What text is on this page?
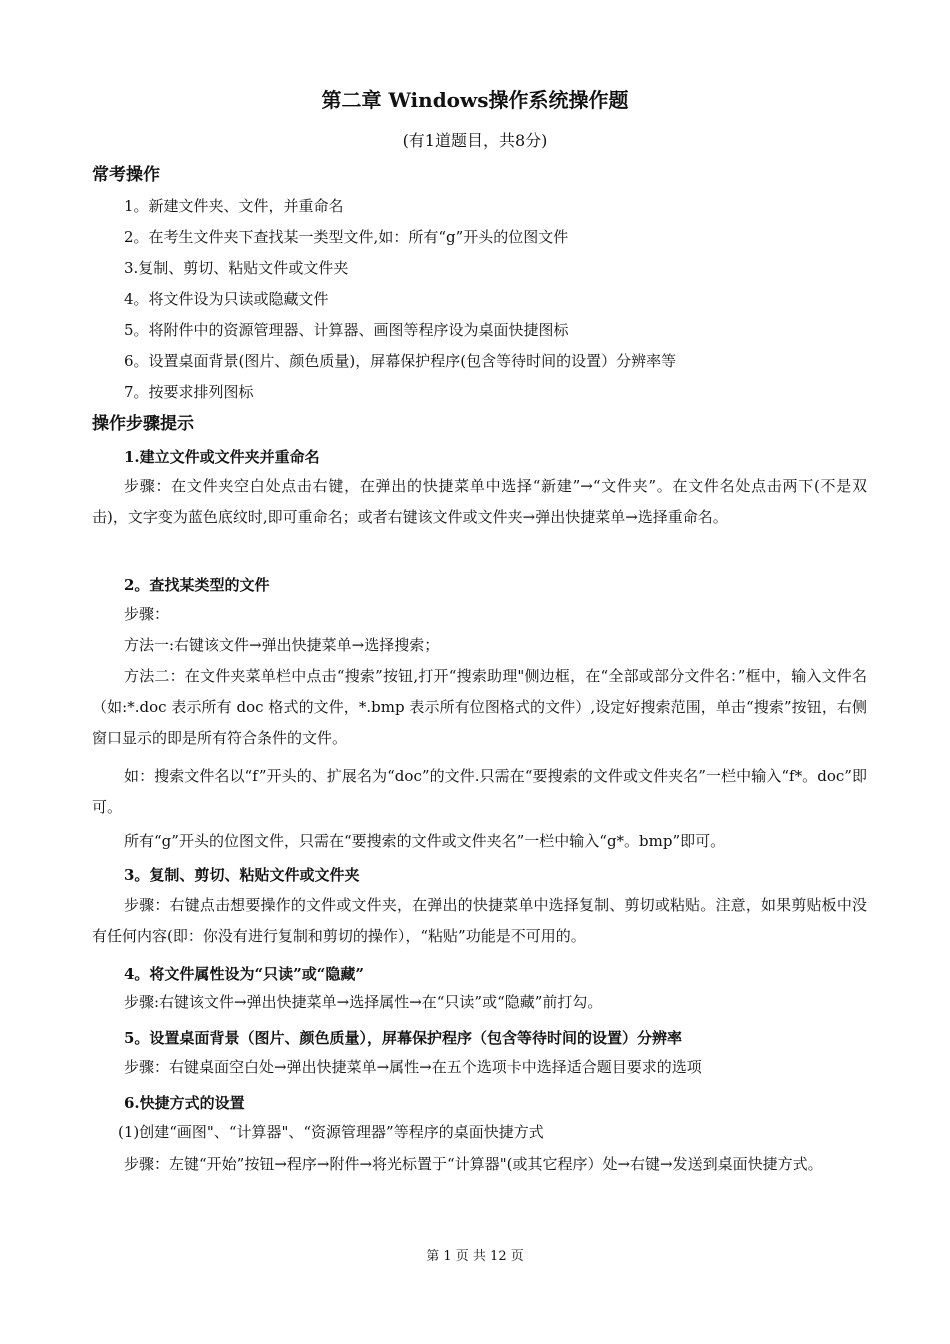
第二章 Windows操作系统操作题
(有1道题目，共8分)
常考操作
1。新建文件夹、文件，并重命名
2。在考生文件夹下查找某一类型文件,如：所有“g”开头的位图文件
3.复制、剪切、粘贴文件或文件夹
4。将文件设为只读或隐藏文件
5。将附件中的资源管理器、计算器、画图等程序设为桌面快捷图标
6。设置桌面背景(图片、颜色质量)，屏幕保护程序(包含等待时间的设置）分辨率等
7。按要求排列图标
操作步骤提示
1.建立文件或文件夹并重命名
步骤：在文件夹空白处点击右键，在弹出的快捷菜单中选择“新建”→“文件夹”。在文件名处点击两下(不是双击)，文字变为蓝色底纹时,即可重命名；或者右键该文件或文件夹→弹出快捷菜单→选择重命名。
2。查找某类型的文件
步骤：
方法一:右键该文件→弹出快捷菜单→选择搜索；
方法二：在文件夹菜单栏中点击“搜索”按钮,打开“搜索助理"侧边框，在“全部或部分文件名：”框中，输入文件名（如:*.doc 表示所有 doc 格式的文件，*.bmp 表示所有位图格式的文件）,设定好搜索范围，单击“搜索”按钮，右侧窗口显示的即是所有符合条件的文件。
如：搜索文件名以“f”开头的、扩展名为“doc”的文件.只需在“要搜索的文件或文件夹名”一栏中输入“f*。doc”即可。
所有“g”开头的位图文件，只需在“要搜索的文件或文件夹名”一栏中输入“g*。bmp”即可。
3。复制、剪切、粘贴文件或文件夹
步骤：右键点击想要操作的文件或文件夹，在弹出的快捷菜单中选择复制、剪切或粘贴。注意，如果剪贴板中没有任何内容(即：你没有进行复制和剪切的操作），“粘贴”功能是不可用的。
4。将文件属性设为“只读”或“隐藏”
步骤:右键该文件→弹出快捷菜单→选择属性→在“只读”或“隐藏”前打勾。
5。设置桌面背景（图片、颜色质量），屏幕保护程序（包含等待时间的设置）分辨率
步骤：右键桌面空白处→弹出快捷菜单→属性→在五个选项卡中选择适合题目要求的选项
6.快捷方式的设置
(1)创建“画图"、“计算器"、“资源管理器”等程序的桌面快捷方式
步骤：左键“开始”按钮→程序→附件→将光标置于“计算器"(或其它程序）处→右键→发送到桌面快捷方式。
第 1 页 共 12 页
